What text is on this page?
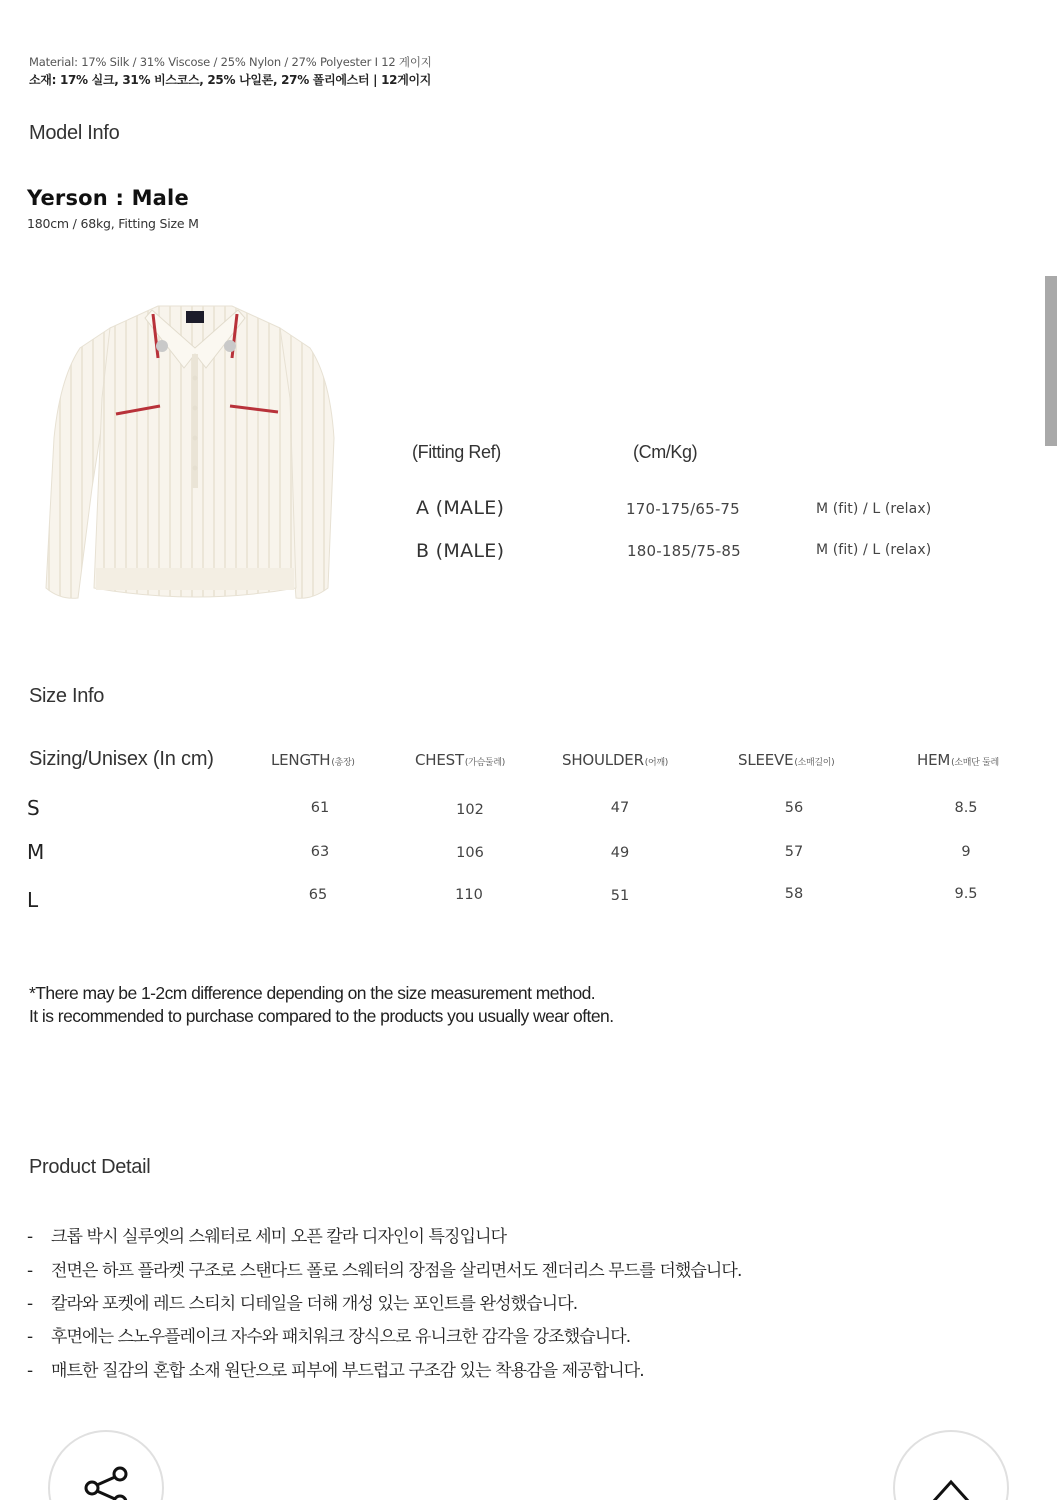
Material: 17% Silk / 31% Viscose / 25% Nylon / 27% Polyester I 12 게이지
소재: 17% 실크, 31% 비스코스, 25% 나일론, 27% 폴리에스터 | 12게이지
Model Info
Yerson : Male
180cm / 68kg, Fitting Size M
(Fitting Ref)	(Cm/Kg)
A (MALE)	170-175/65-75	M (fit) / L (relax)
B (MALE)	180-185/75-85	M (fit) / L (relax)
Size Info
Sizing/Unisex (In cm)	LENGTH(총장)	CHEST(가슴둘레)	SHOULDER(어깨)	SLEEVE(소매길이)	HEM(소매단 둘레
S	61	102	47	56	8.5
M	63	106	49	57	9
L	65	110	51	58	9.5
*There may be 1-2cm difference depending on the size measurement method.
It is recommended to purchase compared to the products you usually wear often.
Product Detail
- 크롭 박시 실루엣의 스웨터로 세미 오픈 칼라 디자인이 특징입니다
- 전면은 하프 플라켓 구조로 스탠다드 폴로 스웨터의 장점을 살리면서도 젠더리스 무드를 더했습니다.
- 칼라와 포켓에 레드 스티치 디테일을 더해 개성 있는 포인트를 완성했습니다.
- 후면에는 스노우플레이크 자수와 패치워크 장식으로 유니크한 감각을 강조했습니다.
- 매트한 질감의 혼합 소재 원단으로 피부에 부드럽고 구조감 있는 착용감을 제공합니다.
